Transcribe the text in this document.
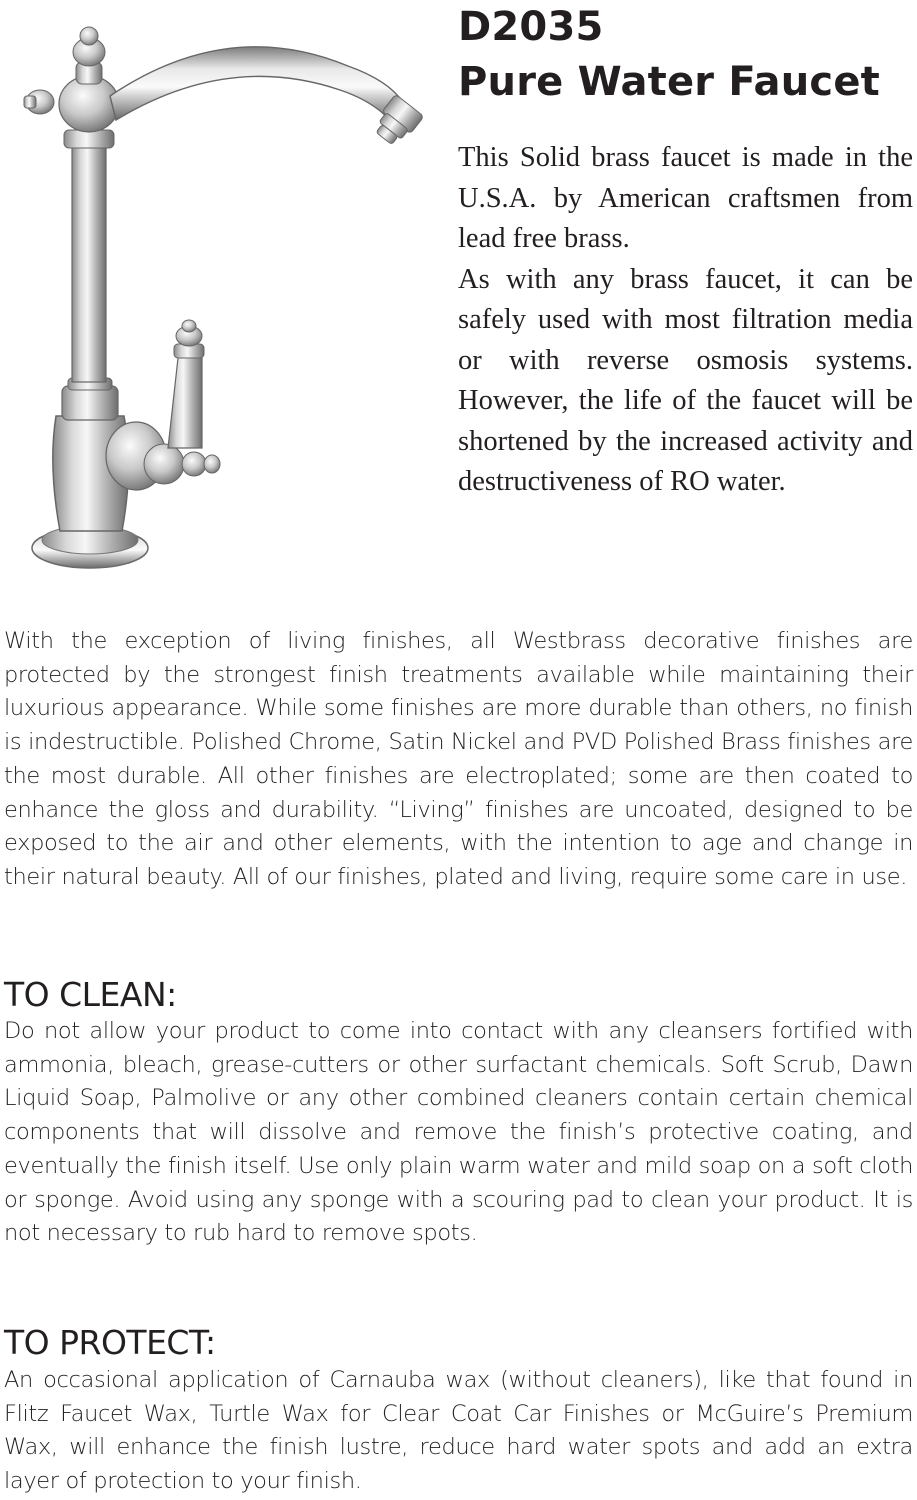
D2035
Pure Water Faucet

This Solid brass faucet is made in the U.S.A. by American craftsmen from lead free brass.

As with any brass faucet, it can be safely used with most filtration media or with reverse osmosis systems. However, the life of the faucet will be shortened by the increased activity and destructiveness of RO water.

With the exception of living finishes, all Westbrass decorative finishes are protected by the strongest finish treatments available while maintaining their luxurious appearance. While some finishes are more durable than others, no finish is indestructible. Polished Chrome, Satin Nickel and PVD Polished Brass finishes are the most durable. All other finishes are electroplated; some are then coated to enhance the gloss and durability. “Living” finishes are uncoated, designed to be exposed to the air and other elements, with the intention to age and change in their natural beauty. All of our finishes, plated and living, require some care in use.

TO CLEAN:

Do not allow your product to come into contact with any cleansers fortified with ammonia, bleach, grease-cutters or other surfactant chemicals. Soft Scrub, Dawn Liquid Soap, Palmolive or any other combined cleaners contain certain chemical components that will dissolve and remove the finish’s protective coating, and eventually the finish itself. Use only plain warm water and mild soap on a soft cloth or sponge. Avoid using any sponge with a scouring pad to clean your product. It is not necessary to rub hard to remove spots.

TO PROTECT:

An occasional application of Carnauba wax (without cleaners), like that found in Flitz Faucet Wax, Turtle Wax for Clear Coat Car Finishes or McGuire’s Premium Wax, will enhance the finish lustre, reduce hard water spots and add an extra layer of protection to your finish.
